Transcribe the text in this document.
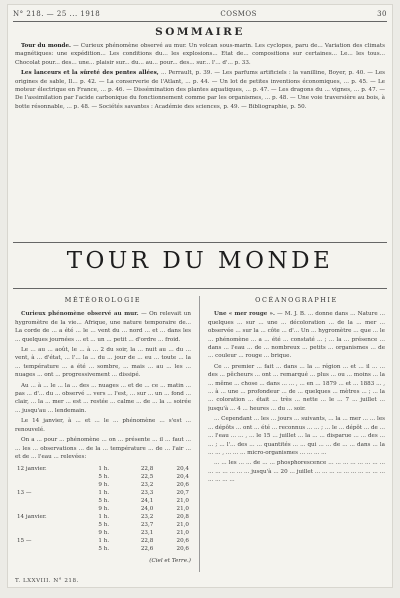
N° 218. — 25 ... 1918	COSMOS	30
SOMMAIRE

Tour du monde. — Curieux phénomène observé au mur. Un volcan sous-marin. Les cyclopes, paru de... Variation des climats magnétiques: une expédition... Les conditions du... les explosions... Etat de... compositions sur certaines... Le... les tous... Chocolat pour... des... une... plaisir sur... du... au... pour... des... sur... l'... d'... p. 33.

Les lanceurs et la sûreté des pentes allées, ... Perrault, p. 39. — Les parfums artificiels : la vanilline, Boyer, p. 40. — Les origines de sable, Il... p. 42. — La conserverie de l'Atlant, ... p. 44. — Un lot de petites inventions économiques, ... p. 45. — Le moteur électrique en France, ... p. 46. — Dissémination des plantes aquatiques, ... p. 47. — Les dragons du ... vignes, ... p. 47. — De l'assimilation par l'acide carbonique du fonctionnement comme par les organismes, ... p. 48. — Une voie traversière au bois, à botte résonnable, ... p. 48. — Sociétés savantes : Académie des sciences, p. 49. — Bibliographie, p. 50.

TOUR DU MONDE
MÉTÉOROLOGIE

Curieux phénomène observé au mur. — On relevait un hygromètre de la vie... Afrique, une nature temporaire de... La corde de ... a été ... le ... vent du ... nord ... et ... dans les ... quelques journées ... et ... un ... petit ... d'ordre ... froid.

Le ... au ... août, le ... à ... 2 du soir, la ... nuit au ... du ... vent, à ... d'état, ... l'... la ... du ... jour de ... eu ... toute ... la ... température ... a été ... sombre, ... mais ... au ... les ... nuages ... ont ... progressivement ... dissipé.

Au ... à ... le ... la ... des ... nuages ... et de ... ce ... matin ... pas ... d'... du ... observé ... vers ... l'est, ... sur ... un ... fond ... clair, ... la ... mer ... est ... restée ... calme ... de ... la ... soirée ... jusqu'au ... lendemain.

Le 14 janvier, à ... et ... le ... phénomène ... s'est ... renouvelé.

On a ... pour ... phénomène ... on ... présente ... il ... faut ... ... les ... observations ... de la ... température ... de ... l'air ... et de ... l'eau ... relevées:

12 janvier.	1 h.	22,8	20,4
	5 h.	22,5	20,4
	9 h.	23,2	20,6
13 —	1 h.	23,3	20,7
	5 h.	24,1	21,0
	9 h.	24,0	21,0
14 janvier.	1 h.	23,2	20,8
	5 h.	23,7	21,0
	9 h.	23,1	21,0
15 —	1 h.	22,8	20,6
	5 h.	22,6	20,6
(Ciel et Terre.)
OCÉANOGRAPHIE

Une « mer rouge ». — M. J. B. ... donne dans ... Nature ... quelques ... sur ... une ... décoloration ... de la ... mer ... observée ... sur la ... côte ... d'... Un ... hygromètre ... que ... le ... phénomène ... a ... été ... constaté ... ; ... la ... présence ... dans ... l'eau ... de ... nombreux ... petits ... organismes ... de ... couleur ... rouge ... brique.

Ce ... premier ... fait ... dans ... la ... région ... et ... il ... ... des ... pêcheurs ... ont ... remarqué ... plus ... ou ... moins ... la ... même ... chose ... dans ... ... , ... en ... 1879 ... et ... 1883 ... , ... à ... une ... profondeur ... de ... quelques ... mètres ... ; ... la ... coloration ... était ... très ... nette ... le ... 7 ... juillet ... jusqu'à ... 4 ... heures ... du ... soir.

... Cependant ... les ... jours ... suivants, ... la ... mer ... ... les ... dépôts ... ont ... été ... reconnus ... ... ; ... le ... dépôt ... de ... ... l'eau ... ... , ... le 15 ... juillet ... la ... ... disparue ... ... des ... ... ; ... l'... des ... ... quantités ... ... qui ... ... de ... ... dans ... la ... ... , ... ... ... micro-organismes ... ... ... ...

... ... les ... ... de ... ... phosphorescence ... ... ... ... ... ... ... ... ... ... ... ... ... ... jusqu'à ... 20 ... juillet ... ... ... ... ... ... ... ... ... ... ... ... ... ...

T. LXXVIII. N° 218.
